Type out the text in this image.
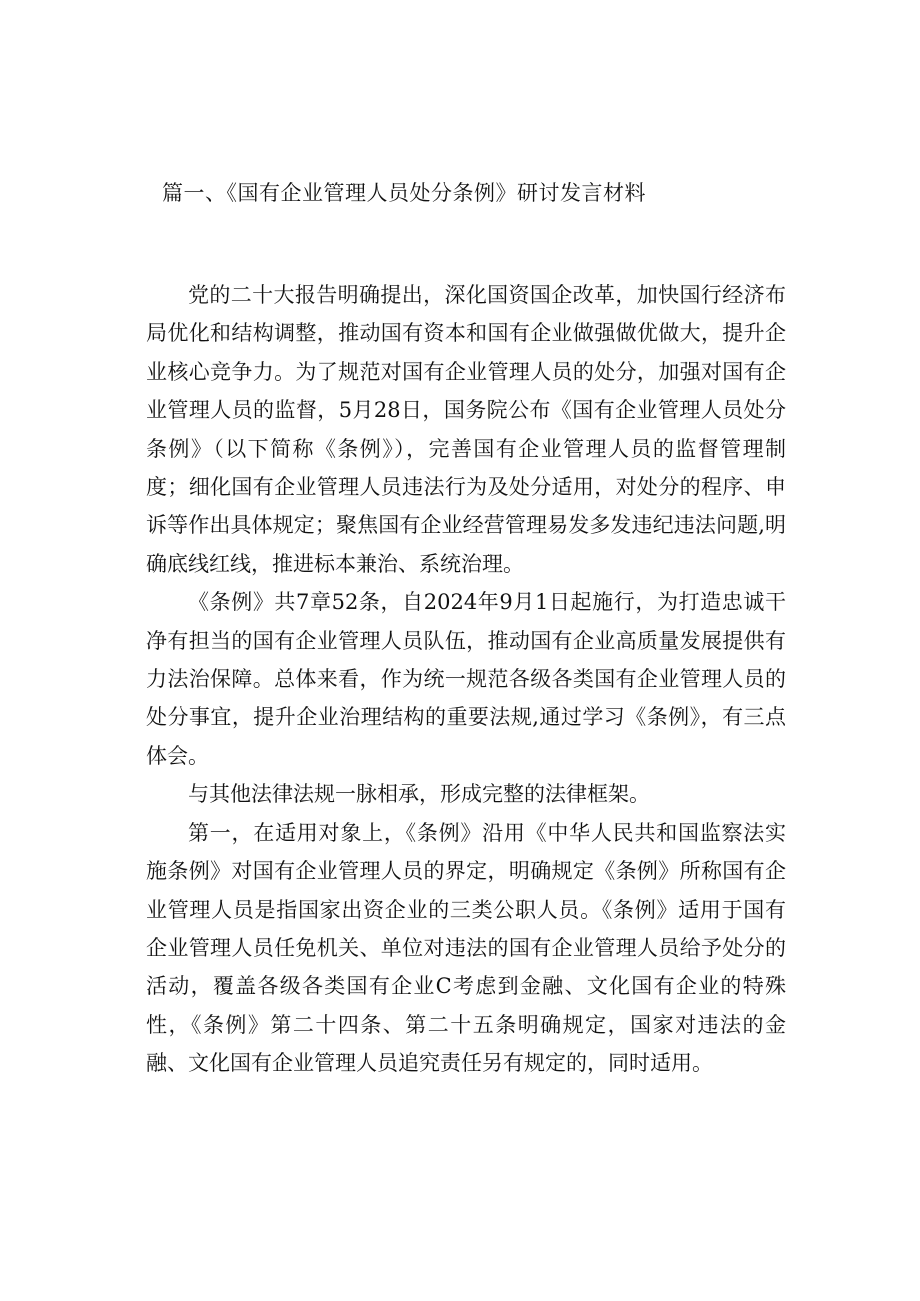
篇一、《国有企业管理人员处分条例》研讨发言材料

党的二十大报告明确提出，深化国资国企改革，加快国行经济布局优化和结构调整，推动国有资本和国有企业做强做优做大，提升企业核心竞争力。为了规范对国有企业管理人员的处分，加强对国有企业管理人员的监督，5月28日，国务院公布《国有企业管理人员处分条例》（以下简称《条例》），完善国有企业管理人员的监督管理制度；细化国有企业管理人员违法行为及处分适用，对处分的程序、申诉等作出具体规定；聚焦国有企业经营管理易发多发违纪违法问题,明确底线红线，推进标本兼治、系统治理。

《条例》共7章52条，自2024年9月1日起施行，为打造忠诚干净有担当的国有企业管理人员队伍，推动国有企业高质量发展提供有力法治保障。总体来看，作为统一规范各级各类国有企业管理人员的处分事宜，提升企业治理结构的重要法规,通过学习《条例》，有三点体会。

与其他法律法规一脉相承，形成完整的法律框架。

第一，在适用对象上，《条例》沿用《中华人民共和国监察法实施条例》对国有企业管理人员的界定，明确规定《条例》所称国有企业管理人员是指国家出资企业的三类公职人员。《条例》适用于国有企业管理人员任免机关、单位对违法的国有企业管理人员给予处分的活动，覆盖各级各类国有企业C考虑到金融、文化国有企业的特殊性，《条例》第二十四条、第二十五条明确规定，国家对违法的金融、文化国有企业管理人员追究责任另有规定的，同时适用。
